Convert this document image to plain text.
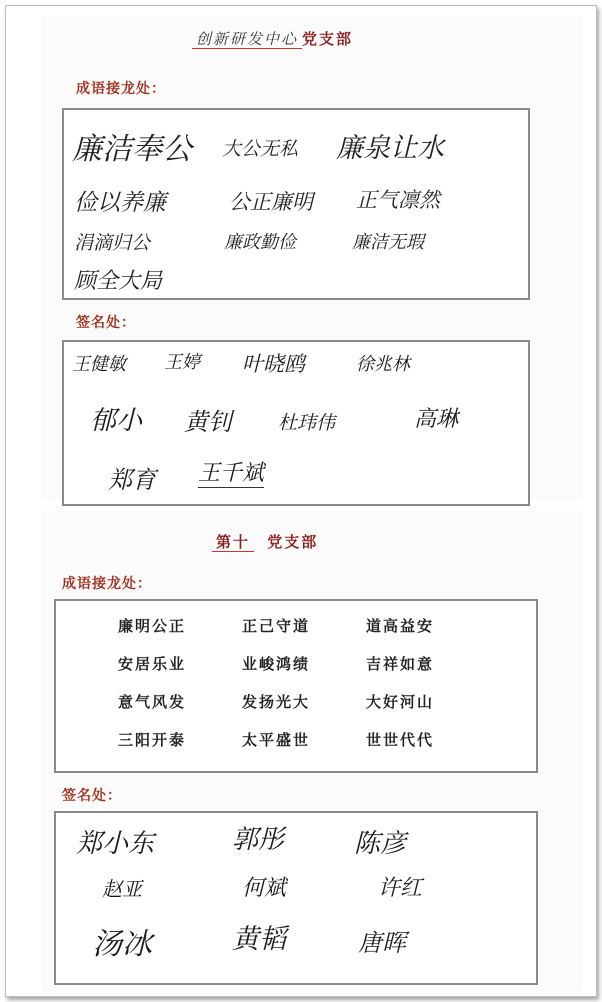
创新研发中心 党支部
成语接龙处：
廉洁奉公 大公无私 廉泉让水
俭以养廉	公正廉明 正气凛然
涓滴归公	廉政勤俭	廉洁无瑕
顾全大局
签名处：
王健敏 王婷 叶晓鸥	徐兆林
郁小 黄钊 杜玮伟	高琳
郑育 王千斌
第十 党支部
成语接龙处：
廉明公正	正己守道	道高益安
安居乐业	业峻鸿绩	吉祥如意
意气风发	发扬光大	大好河山
三阳开泰	太平盛世	世世代代
签名处：
郑小东	郭彤	陈彦
赵亚	何斌	许红
汤冰	黄韬	唐晖
